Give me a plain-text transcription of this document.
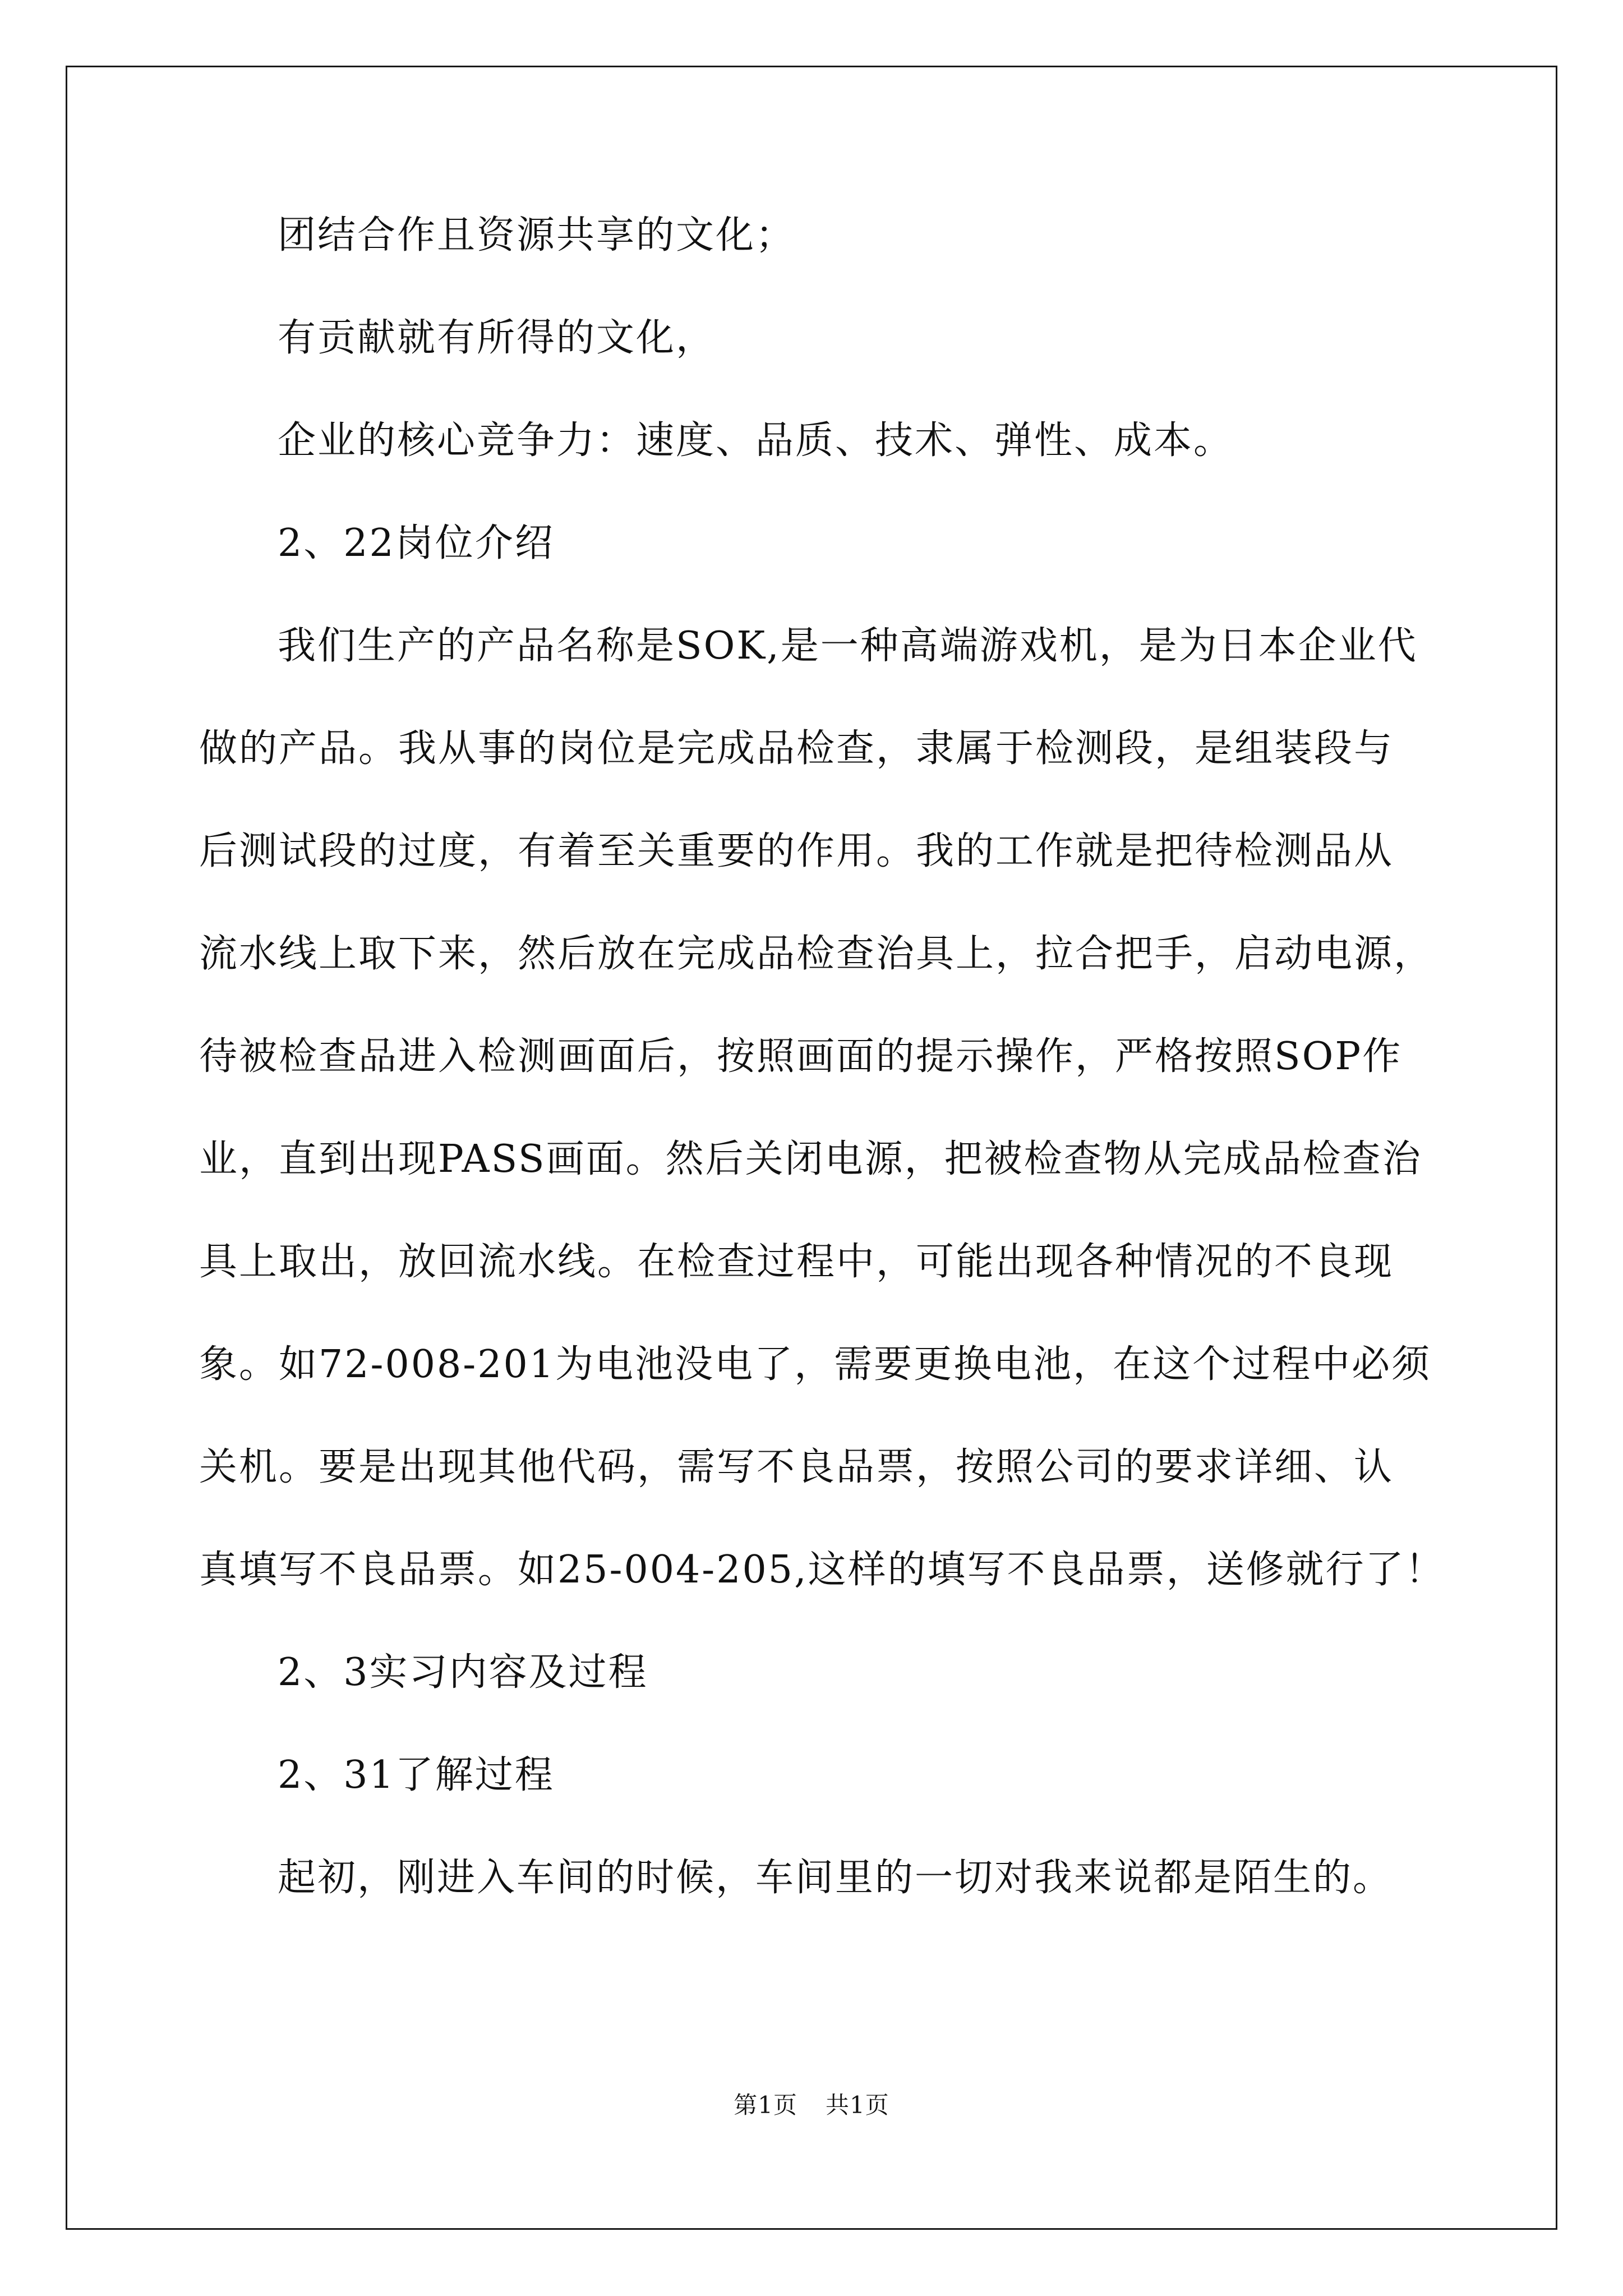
团结合作且资源共享的文化；
有贡献就有所得的文化，
企业的核心竞争力：速度、品质、技术、弹性、成本。
2、22岗位介绍
我们生产的产品名称是SOK,是一种高端游戏机，是为日本企业代
做的产品。我从事的岗位是完成品检查，隶属于检测段，是组装段与
后测试段的过度，有着至关重要的作用。我的工作就是把待检测品从
流水线上取下来，然后放在完成品检查治具上，拉合把手，启动电源，
待被检查品进入检测画面后，按照画面的提示操作，严格按照SOP作
业，直到出现PASS画面。然后关闭电源，把被检查物从完成品检查治
具上取出，放回流水线。在检查过程中，可能出现各种情况的不良现
象。如72-008-201为电池没电了，需要更换电池，在这个过程中必须
关机。要是出现其他代码，需写不良品票，按照公司的要求详细、认
真填写不良品票。如25-004-205,这样的填写不良品票，送修就行了！
2、3实习内容及过程
2、31了解过程
起初，刚进入车间的时候，车间里的一切对我来说都是陌生的。
第1页 共1页
